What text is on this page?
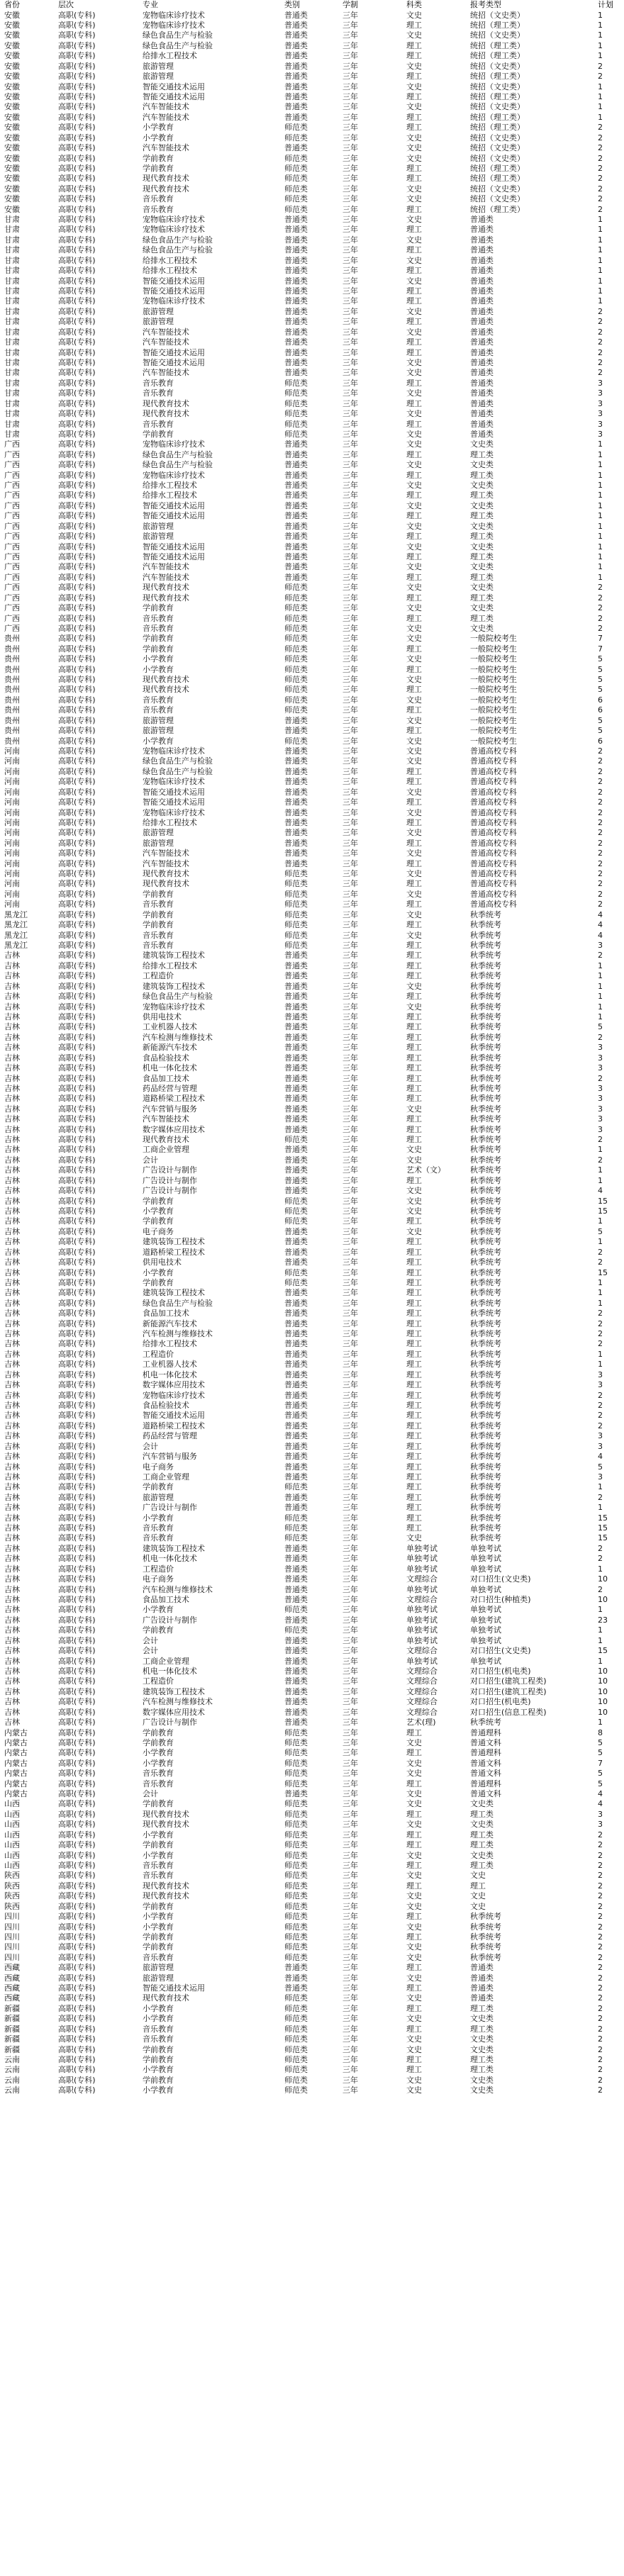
省份	层次	专业	类别	学制	科类	报考类型	计划
安徽	高职(专科)	宠物临床诊疗技术	普通类	三年	文史	统招（文史类）	1
安徽	高职(专科)	宠物临床诊疗技术	普通类	三年	理工	统招（理工类）	1
安徽	高职(专科)	绿色食品生产与检验	普通类	三年	文史	统招（文史类）	1
安徽	高职(专科)	绿色食品生产与检验	普通类	三年	理工	统招（理工类）	1
安徽	高职(专科)	给排水工程技术	普通类	三年	理工	统招（理工类）	1
安徽	高职(专科)	旅游管理	普通类	三年	文史	统招（文史类）	2
安徽	高职(专科)	旅游管理	普通类	三年	理工	统招（理工类）	2
安徽	高职(专科)	智能交通技术运用	普通类	三年	文史	统招（文史类）	1
安徽	高职(专科)	智能交通技术运用	普通类	三年	理工	统招（理工类）	1
安徽	高职(专科)	汽车智能技术	普通类	三年	文史	统招（文史类）	1
安徽	高职(专科)	汽车智能技术	普通类	三年	理工	统招（理工类）	1
安徽	高职(专科)	小学教育	师范类	三年	理工	统招（理工类）	2
安徽	高职(专科)	小学教育	师范类	三年	文史	统招（文史类）	2
安徽	高职(专科)	汽车智能技术	普通类	三年	文史	统招（文史类）	2
安徽	高职(专科)	学前教育	师范类	三年	文史	统招（文史类）	2
安徽	高职(专科)	学前教育	师范类	三年	理工	统招（理工类）	2
安徽	高职(专科)	现代教育技术	师范类	三年	理工	统招（理工类）	2
安徽	高职(专科)	现代教育技术	师范类	三年	文史	统招（文史类）	2
安徽	高职(专科)	音乐教育	师范类	三年	文史	统招（文史类）	2
安徽	高职(专科)	音乐教育	师范类	三年	理工	统招（理工类）	2
甘肃	高职(专科)	宠物临床诊疗技术	普通类	三年	文史	普通类	1
甘肃	高职(专科)	宠物临床诊疗技术	普通类	三年	理工	普通类	1
甘肃	高职(专科)	绿色食品生产与检验	普通类	三年	文史	普通类	1
甘肃	高职(专科)	绿色食品生产与检验	普通类	三年	理工	普通类	1
甘肃	高职(专科)	给排水工程技术	普通类	三年	文史	普通类	1
甘肃	高职(专科)	给排水工程技术	普通类	三年	理工	普通类	1
甘肃	高职(专科)	智能交通技术运用	普通类	三年	文史	普通类	1
甘肃	高职(专科)	智能交通技术运用	普通类	三年	理工	普通类	1
甘肃	高职(专科)	宠物临床诊疗技术	普通类	三年	理工	普通类	1
甘肃	高职(专科)	旅游管理	普通类	三年	文史	普通类	2
甘肃	高职(专科)	旅游管理	普通类	三年	理工	普通类	2
甘肃	高职(专科)	汽车智能技术	普通类	三年	文史	普通类	2
甘肃	高职(专科)	汽车智能技术	普通类	三年	理工	普通类	2
甘肃	高职(专科)	智能交通技术运用	普通类	三年	理工	普通类	2
甘肃	高职(专科)	智能交通技术运用	普通类	三年	文史	普通类	2
甘肃	高职(专科)	汽车智能技术	普通类	三年	文史	普通类	2
甘肃	高职(专科)	音乐教育	师范类	三年	理工	普通类	3
甘肃	高职(专科)	音乐教育	师范类	三年	文史	普通类	3
甘肃	高职(专科)	现代教育技术	师范类	三年	理工	普通类	3
甘肃	高职(专科)	现代教育技术	师范类	三年	文史	普通类	3
甘肃	高职(专科)	音乐教育	师范类	三年	理工	普通类	3
甘肃	高职(专科)	学前教育	师范类	三年	文史	普通类	3
广西	高职(专科)	宠物临床诊疗技术	普通类	三年	文史	文史类	1
广西	高职(专科)	绿色食品生产与检验	普通类	三年	理工	理工类	1
广西	高职(专科)	绿色食品生产与检验	普通类	三年	文史	文史类	1
广西	高职(专科)	宠物临床诊疗技术	普通类	三年	理工	理工类	1
广西	高职(专科)	给排水工程技术	普通类	三年	文史	文史类	1
广西	高职(专科)	给排水工程技术	普通类	三年	理工	理工类	1
广西	高职(专科)	智能交通技术运用	普通类	三年	文史	文史类	1
广西	高职(专科)	智能交通技术运用	普通类	三年	理工	理工类	1
广西	高职(专科)	旅游管理	普通类	三年	文史	文史类	1
广西	高职(专科)	旅游管理	普通类	三年	理工	理工类	1
广西	高职(专科)	智能交通技术运用	普通类	三年	文史	文史类	1
广西	高职(专科)	智能交通技术运用	普通类	三年	理工	理工类	1
广西	高职(专科)	汽车智能技术	普通类	三年	文史	文史类	1
广西	高职(专科)	汽车智能技术	普通类	三年	理工	理工类	1
广西	高职(专科)	现代教育技术	师范类	三年	文史	文史类	2
广西	高职(专科)	现代教育技术	师范类	三年	理工	理工类	2
广西	高职(专科)	学前教育	师范类	三年	文史	文史类	2
广西	高职(专科)	音乐教育	师范类	三年	理工	理工类	2
广西	高职(专科)	音乐教育	师范类	三年	文史	文史类	2
贵州	高职(专科)	学前教育	师范类	三年	文史	一般院校考生	7
贵州	高职(专科)	学前教育	师范类	三年	理工	一般院校考生	7
贵州	高职(专科)	小学教育	师范类	三年	文史	一般院校考生	5
贵州	高职(专科)	小学教育	师范类	三年	理工	一般院校考生	5
贵州	高职(专科)	现代教育技术	师范类	三年	文史	一般院校考生	5
贵州	高职(专科)	现代教育技术	师范类	三年	理工	一般院校考生	5
贵州	高职(专科)	音乐教育	师范类	三年	文史	一般院校考生	6
贵州	高职(专科)	音乐教育	师范类	三年	理工	一般院校考生	6
贵州	高职(专科)	旅游管理	普通类	三年	文史	一般院校考生	5
贵州	高职(专科)	旅游管理	普通类	三年	理工	一般院校考生	5
贵州	高职(专科)	小学教育	师范类	三年	文史	一般院校考生	6
河南	高职(专科)	宠物临床诊疗技术	普通类	三年	文史	普通高校专科	2
河南	高职(专科)	绿色食品生产与检验	普通类	三年	文史	普通高校专科	2
河南	高职(专科)	绿色食品生产与检验	普通类	三年	理工	普通高校专科	2
河南	高职(专科)	宠物临床诊疗技术	普通类	三年	理工	普通高校专科	2
河南	高职(专科)	智能交通技术运用	普通类	三年	文史	普通高校专科	2
河南	高职(专科)	智能交通技术运用	普通类	三年	理工	普通高校专科	2
河南	高职(专科)	宠物临床诊疗技术	普通类	三年	文史	普通高校专科	2
河南	高职(专科)	给排水工程技术	普通类	三年	理工	普通高校专科	2
河南	高职(专科)	旅游管理	普通类	三年	文史	普通高校专科	2
河南	高职(专科)	旅游管理	普通类	三年	理工	普通高校专科	2
河南	高职(专科)	汽车智能技术	普通类	三年	文史	普通高校专科	2
河南	高职(专科)	汽车智能技术	普通类	三年	理工	普通高校专科	2
河南	高职(专科)	现代教育技术	师范类	三年	文史	普通高校专科	2
河南	高职(专科)	现代教育技术	师范类	三年	理工	普通高校专科	2
河南	高职(专科)	学前教育	师范类	三年	文史	普通高校专科	2
河南	高职(专科)	音乐教育	师范类	三年	理工	普通高校专科	2
黑龙江	高职(专科)	学前教育	师范类	三年	文史	秋季统考	4
黑龙江	高职(专科)	学前教育	师范类	三年	理工	秋季统考	4
黑龙江	高职(专科)	音乐教育	师范类	三年	文史	秋季统考	4
黑龙江	高职(专科)	音乐教育	师范类	三年	理工	秋季统考	3
吉林	高职(专科)	建筑装饰工程技术	普通类	三年	理工	秋季统考	2
吉林	高职(专科)	给排水工程技术	普通类	三年	理工	秋季统考	1
吉林	高职(专科)	工程造价	普通类	三年	理工	秋季统考	1
吉林	高职(专科)	建筑装饰工程技术	普通类	三年	文史	秋季统考	1
吉林	高职(专科)	绿色食品生产与检验	普通类	三年	理工	秋季统考	1
吉林	高职(专科)	宠物临床诊疗技术	普通类	三年	文史	秋季统考	1
吉林	高职(专科)	供用电技术	普通类	三年	理工	秋季统考	1
吉林	高职(专科)	工业机器人技术	普通类	三年	理工	秋季统考	5
吉林	高职(专科)	汽车检测与维修技术	普通类	三年	理工	秋季统考	2
吉林	高职(专科)	新能源汽车技术	普通类	三年	理工	秋季统考	3
吉林	高职(专科)	食品检验技术	普通类	三年	理工	秋季统考	3
吉林	高职(专科)	机电一体化技术	普通类	三年	理工	秋季统考	3
吉林	高职(专科)	食品加工技术	普通类	三年	理工	秋季统考	2
吉林	高职(专科)	药品经营与管理	普通类	三年	理工	秋季统考	3
吉林	高职(专科)	道路桥梁工程技术	普通类	三年	理工	秋季统考	3
吉林	高职(专科)	汽车营销与服务	普通类	三年	文史	秋季统考	3
吉林	高职(专科)	汽车智能技术	普通类	三年	理工	秋季统考	3
吉林	高职(专科)	数字媒体应用技术	普通类	三年	理工	秋季统考	3
吉林	高职(专科)	现代教育技术	师范类	三年	理工	秋季统考	2
吉林	高职(专科)	工商企业管理	普通类	三年	文史	秋季统考	1
吉林	高职(专科)	会计	普通类	三年	文史	秋季统考	2
吉林	高职(专科)	广告设计与制作	普通类	三年	艺术（文）	秋季统考	1
吉林	高职(专科)	广告设计与制作	普通类	三年	理工	秋季统考	1
吉林	高职(专科)	广告设计与制作	普通类	三年	文史	秋季统考	4
吉林	高职(专科)	学前教育	师范类	三年	文史	秋季统考	15
吉林	高职(专科)	小学教育	师范类	三年	文史	秋季统考	15
吉林	高职(专科)	学前教育	师范类	三年	理工	秋季统考	1
吉林	高职(专科)	电子商务	普通类	三年	文史	秋季统考	5
吉林	高职(专科)	建筑装饰工程技术	普通类	三年	理工	秋季统考	1
吉林	高职(专科)	道路桥梁工程技术	普通类	三年	理工	秋季统考	2
吉林	高职(专科)	供用电技术	普通类	三年	理工	秋季统考	2
吉林	高职(专科)	小学教育	师范类	三年	理工	秋季统考	15
吉林	高职(专科)	学前教育	师范类	三年	理工	秋季统考	1
吉林	高职(专科)	建筑装饰工程技术	普通类	三年	理工	秋季统考	1
吉林	高职(专科)	绿色食品生产与检验	普通类	三年	理工	秋季统考	1
吉林	高职(专科)	食品加工技术	普通类	三年	理工	秋季统考	2
吉林	高职(专科)	新能源汽车技术	普通类	三年	理工	秋季统考	2
吉林	高职(专科)	汽车检测与维修技术	普通类	三年	理工	秋季统考	2
吉林	高职(专科)	给排水工程技术	普通类	三年	理工	秋季统考	2
吉林	高职(专科)	工程造价	普通类	三年	理工	秋季统考	1
吉林	高职(专科)	工业机器人技术	普通类	三年	理工	秋季统考	1
吉林	高职(专科)	机电一体化技术	普通类	三年	理工	秋季统考	3
吉林	高职(专科)	数字媒体应用技术	普通类	三年	理工	秋季统考	3
吉林	高职(专科)	宠物临床诊疗技术	普通类	三年	理工	秋季统考	2
吉林	高职(专科)	食品检验技术	普通类	三年	理工	秋季统考	2
吉林	高职(专科)	智能交通技术运用	普通类	三年	理工	秋季统考	2
吉林	高职(专科)	道路桥梁工程技术	普通类	三年	理工	秋季统考	2
吉林	高职(专科)	药品经营与管理	普通类	三年	理工	秋季统考	3
吉林	高职(专科)	会计	普通类	三年	理工	秋季统考	3
吉林	高职(专科)	汽车营销与服务	普通类	三年	理工	秋季统考	4
吉林	高职(专科)	电子商务	普通类	三年	理工	秋季统考	5
吉林	高职(专科)	工商企业管理	普通类	三年	理工	秋季统考	3
吉林	高职(专科)	学前教育	师范类	三年	理工	秋季统考	1
吉林	高职(专科)	旅游管理	普通类	三年	理工	秋季统考	2
吉林	高职(专科)	广告设计与制作	普通类	三年	理工	秋季统考	1
吉林	高职(专科)	小学教育	师范类	三年	理工	秋季统考	15
吉林	高职(专科)	音乐教育	师范类	三年	理工	秋季统考	15
吉林	高职(专科)	音乐教育	师范类	三年	文史	秋季统考	15
吉林	高职(专科)	建筑装饰工程技术	普通类	三年	单独考试	单独考试	2
吉林	高职(专科)	机电一体化技术	普通类	三年	单独考试	单独考试	2
吉林	高职(专科)	工程造价	普通类	三年	单独考试	单独考试	1
吉林	高职(专科)	电子商务	普通类	三年	文理综合	对口招生(文史类)	10
吉林	高职(专科)	汽车检测与维修技术	普通类	三年	单独考试	单独考试	2
吉林	高职(专科)	食品加工技术	普通类	三年	文理综合	对口招生(种植类)	10
吉林	高职(专科)	小学教育	师范类	三年	单独考试	单独考试	1
吉林	高职(专科)	广告设计与制作	普通类	三年	单独考试	单独考试	23
吉林	高职(专科)	学前教育	师范类	三年	单独考试	单独考试	1
吉林	高职(专科)	会计	普通类	三年	单独考试	单独考试	1
吉林	高职(专科)	会计	普通类	三年	文理综合	对口招生(文史类)	15
吉林	高职(专科)	工商企业管理	普通类	三年	单独考试	单独考试	1
吉林	高职(专科)	机电一体化技术	普通类	三年	文理综合	对口招生(机电类)	10
吉林	高职(专科)	工程造价	普通类	三年	文理综合	对口招生(建筑工程类)	10
吉林	高职(专科)	建筑装饰工程技术	普通类	三年	文理综合	对口招生(建筑工程类)	10
吉林	高职(专科)	汽车检测与维修技术	普通类	三年	文理综合	对口招生(机电类)	10
吉林	高职(专科)	数字媒体应用技术	普通类	三年	文理综合	对口招生(信息工程类)	10
吉林	高职(专科)	广告设计与制作	普通类	三年	艺术(理)	秋季统考	1
内蒙古	高职(专科)	学前教育	师范类	三年	理工	普通理科	8
内蒙古	高职(专科)	学前教育	师范类	三年	文史	普通文科	5
内蒙古	高职(专科)	小学教育	师范类	三年	理工	普通理科	5
内蒙古	高职(专科)	小学教育	师范类	三年	文史	普通文科	7
内蒙古	高职(专科)	音乐教育	师范类	三年	文史	普通文科	5
内蒙古	高职(专科)	音乐教育	师范类	三年	理工	普通理科	5
内蒙古	高职(专科)	会计	普通类	三年	文史	普通文科	4
山西	高职(专科)	学前教育	师范类	三年	文史	文史类	4
山西	高职(专科)	现代教育技术	师范类	三年	理工	理工类	3
山西	高职(专科)	现代教育技术	师范类	三年	文史	文史类	3
山西	高职(专科)	小学教育	师范类	三年	理工	理工类	2
山西	高职(专科)	学前教育	师范类	三年	理工	理工类	2
山西	高职(专科)	小学教育	师范类	三年	文史	文史类	2
山西	高职(专科)	音乐教育	师范类	三年	理工	理工类	2
陕西	高职(专科)	音乐教育	师范类	三年	文史	文史	2
陕西	高职(专科)	现代教育技术	师范类	三年	理工	理工	2
陕西	高职(专科)	现代教育技术	师范类	三年	文史	文史	2
陕西	高职(专科)	学前教育	师范类	三年	文史	文史	2
四川	高职(专科)	小学教育	师范类	三年	理工	秋季统考	2
四川	高职(专科)	小学教育	师范类	三年	文史	秋季统考	2
四川	高职(专科)	学前教育	师范类	三年	理工	秋季统考	2
四川	高职(专科)	学前教育	师范类	三年	文史	秋季统考	2
四川	高职(专科)	音乐教育	师范类	三年	文史	秋季统考	2
西藏	高职(专科)	旅游管理	普通类	三年	理工	普通类	2
西藏	高职(专科)	旅游管理	普通类	三年	文史	普通类	2
西藏	高职(专科)	智能交通技术运用	普通类	三年	理工	普通类	2
西藏	高职(专科)	现代教育技术	师范类	三年	文史	普通类	2
新疆	高职(专科)	小学教育	师范类	三年	理工	理工类	2
新疆	高职(专科)	小学教育	师范类	三年	文史	文史类	2
新疆	高职(专科)	音乐教育	师范类	三年	理工	理工类	2
新疆	高职(专科)	音乐教育	师范类	三年	文史	文史类	2
新疆	高职(专科)	学前教育	师范类	三年	文史	文史类	2
云南	高职(专科)	学前教育	师范类	三年	理工	理工类	2
云南	高职(专科)	小学教育	师范类	三年	理工	理工类	2
云南	高职(专科)	学前教育	师范类	三年	文史	文史类	2
云南	高职(专科)	小学教育	师范类	三年	文史	文史类	2
